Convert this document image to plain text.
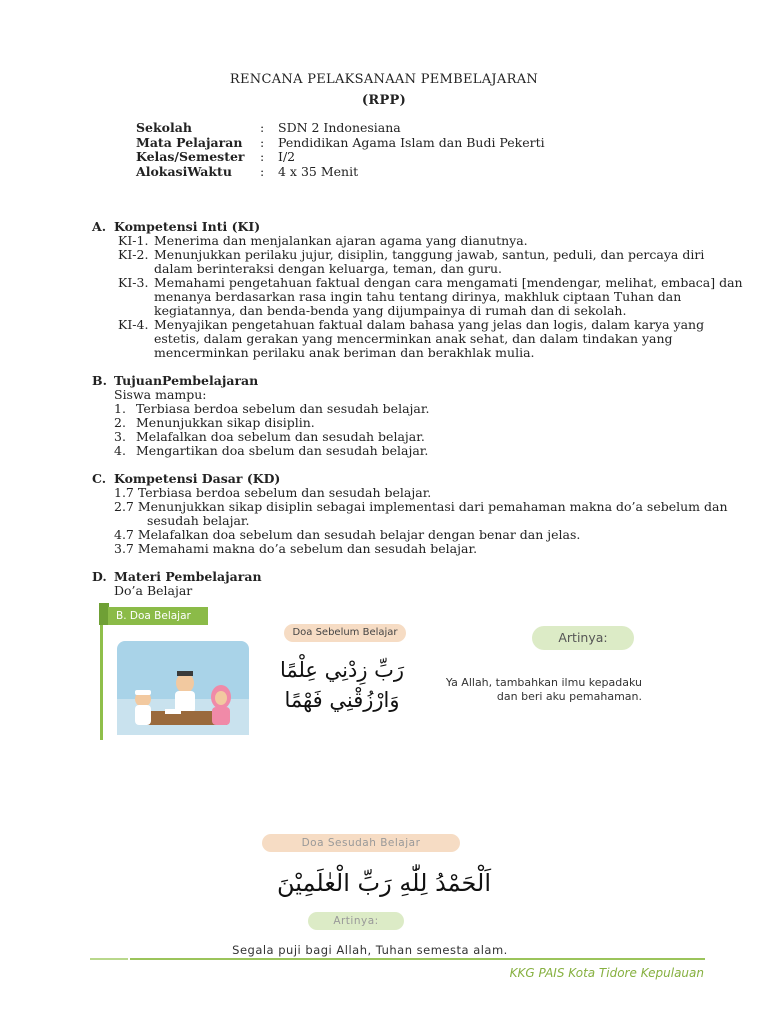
RENCANA PELAKSANAAN PEMBELAJARAN
(RPP)
Sekolah	:	SDN 2 Indonesiana
Mata Pelajaran	:	Pendidikan Agama Islam dan Budi Pekerti
Kelas/Semester	:	I/2
AlokasiWaktu	:	4 x 35 Menit
A. Kompetensi Inti (KI)
KI-1. Menerima dan menjalankan ajaran agama yang dianutnya.
KI-2. Menunjukkan perilaku jujur, disiplin, tanggung jawab, santun, peduli, dan percaya diri
dalam berinteraksi dengan keluarga, teman, dan guru.
KI-3. Memahami pengetahuan faktual dengan cara mengamati [mendengar, melihat, embaca] dan
menanya berdasarkan rasa ingin tahu tentang dirinya, makhluk ciptaan Tuhan dan
kegiatannya, dan benda-benda yang dijumpainya di rumah dan di sekolah.
KI-4. Menyajikan pengetahuan faktual dalam bahasa yang jelas dan logis, dalam karya yang
estetis, dalam gerakan yang mencerminkan anak sehat, dan dalam tindakan yang
mencerminkan perilaku anak beriman dan berakhlak mulia.
B. TujuanPembelajaran
Siswa mampu:
1. Terbiasa berdoa sebelum dan sesudah belajar.
2. Menunjukkan sikap disiplin.
3. Melafalkan doa sebelum dan sesudah belajar.
4. Mengartikan doa sbelum dan sesudah belajar.
C. Kompetensi Dasar (KD)
1.7 Terbiasa berdoa sebelum dan sesudah belajar.
2.7 Menunjukkan sikap disiplin sebagai implementasi dari pemahaman makna do’a sebelum dan
sesudah belajar.
4.7 Melafalkan doa sebelum dan sesudah belajar dengan benar dan jelas.
3.7 Memahami makna do’a sebelum dan sesudah belajar.
D. Materi Pembelajaran
Do’a Belajar
B. Doa Belajar
Doa Sebelum Belajar
رَبِّ زِدْنِي عِلْمًا
وَارْزُقْنِي فَهْمًا
Artinya:
Ya Allah, tambahkan ilmu kepadaku
dan beri aku pemahaman.
Doa Sesudah Belajar
اَلْحَمْدُ لِلّٰهِ رَبِّ الْعٰلَمِيْنَ
Artinya:
Segala puji bagi Allah, Tuhan semesta alam.
KKG PAIS Kota Tidore Kepulauan
